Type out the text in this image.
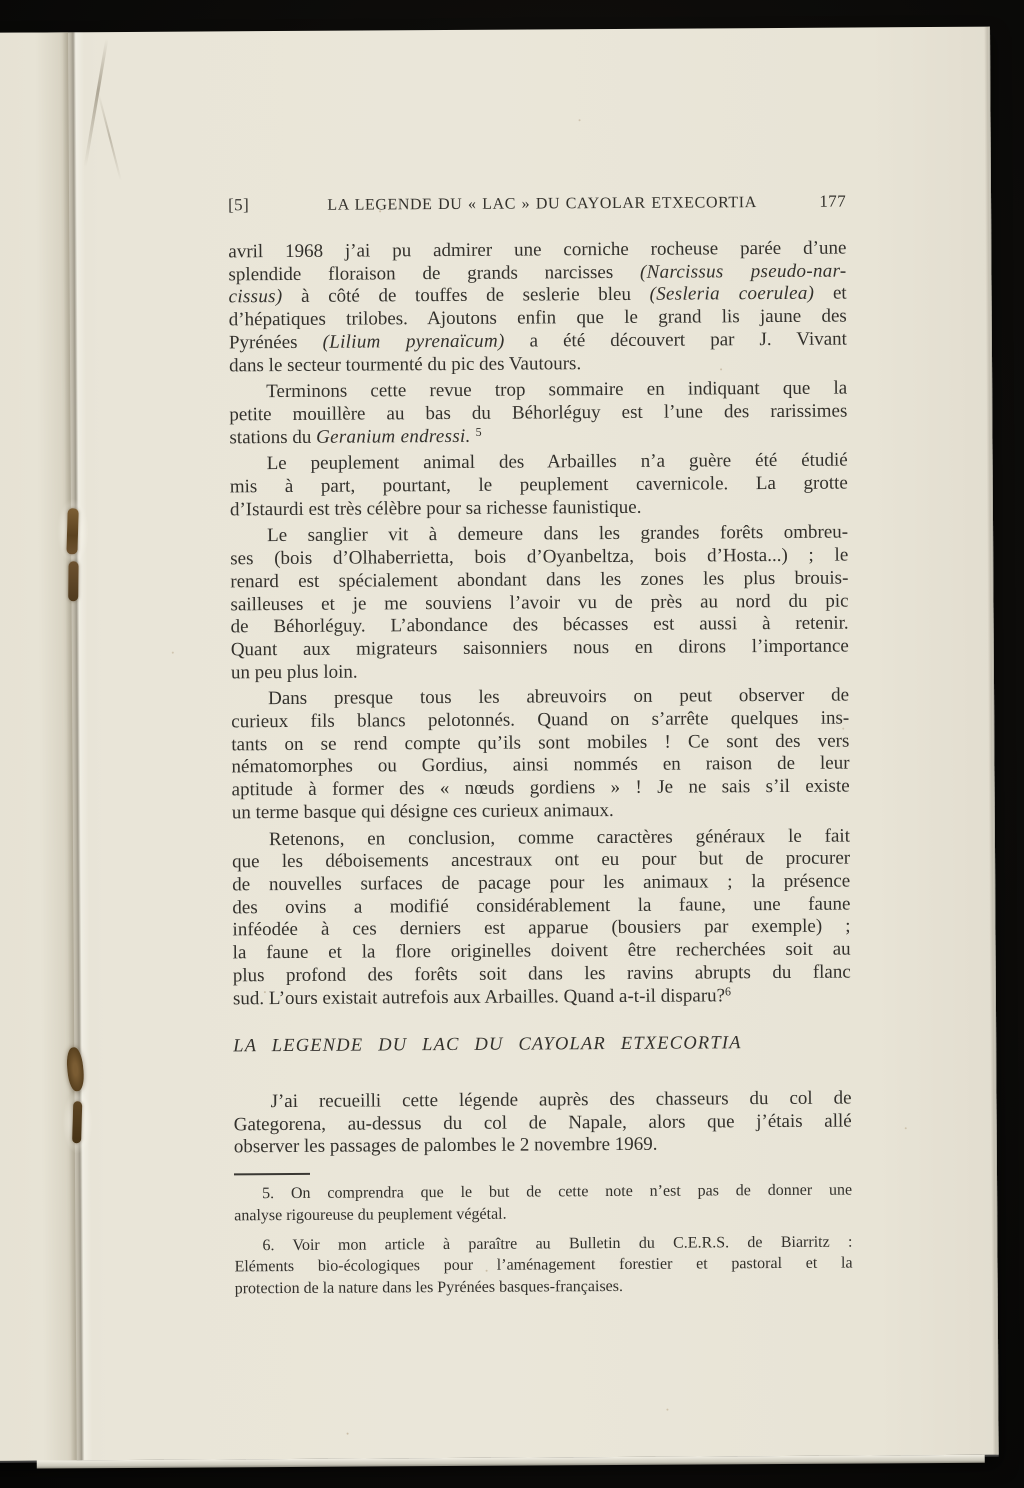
[5]	LA LEGENDE DU « LAC » DU CAYOLAR ETXECORTIA	177
avril 1968 j’ai pu admirer une corniche rocheuse parée d’une
splendide floraison de grands narcisses (Narcissus pseudo-nar-
cissus) à côté de touffes de seslerie bleu (Sesleria coerulea) et
d’hépatiques trilobes. Ajoutons enfin que le grand lis jaune des
Pyrénées (Lilium pyrenaïcum) a été découvert par J. Vivant
dans le secteur tourmenté du pic des Vautours.
Terminons cette revue trop sommaire en indiquant que la
petite mouillère au bas du Béhorléguy est l’une des rarissimes
stations du Geranium endressi. $^5$
Le peuplement animal des Arbailles n’a guère été étudié
mis à part, pourtant, le peuplement cavernicole. La grotte
d’Istaurdi est très célèbre pour sa richesse faunistique.
Le sanglier vit à demeure dans les grandes forêts ombreu-
ses (bois d’Olhaberrietta, bois d’Oyanbeltza, bois d’Hosta...) ; le
renard est spécialement abondant dans les zones les plus brouis-
sailleuses et je me souviens l’avoir vu de près au nord du pic
de Béhorléguy. L’abondance des bécasses est aussi à retenir.
Quant aux migrateurs saisonniers nous en dirons l’importance
un peu plus loin.
Dans presque tous les abreuvoirs on peut observer de
curieux fils blancs pelotonnés. Quand on s’arrête quelques ins-
tants on se rend compte qu’ils sont mobiles ! Ce sont des vers
nématomorphes ou Gordius, ainsi nommés en raison de leur
aptitude à former des « nœuds gordiens » ! Je ne sais s’il existe
un terme basque qui désigne ces curieux animaux.
Retenons, en conclusion, comme caractères généraux le fait
que les déboisements ancestraux ont eu pour but de procurer
de nouvelles surfaces de pacage pour les animaux ; la présence
des ovins a modifié considérablement la faune, une faune
inféodée à ces derniers est apparue (bousiers par exemple) ;
la faune et la flore originelles doivent être recherchées soit au
plus profond des forêts soit dans les ravins abrupts du flanc
sud. L’ours existait autrefois aux Arbailles. Quand a-t-il disparu?$^6$
LA LEGENDE DU LAC DU CAYOLAR ETXECORTIA
J’ai recueilli cette légende auprès des chasseurs du col de
Gategorena, au-dessus du col de Napale, alors que j’étais allé
observer les passages de palombes le 2 novembre 1969.
5. On comprendra que le but de cette note n’est pas de donner une
analyse rigoureuse du peuplement végétal.
6. Voir mon article à paraître au Bulletin du C.E.R.S. de Biarritz :
Eléments bio-écologiques pour l’aménagement forestier et pastoral et la
protection de la nature dans les Pyrénées basques-françaises.
